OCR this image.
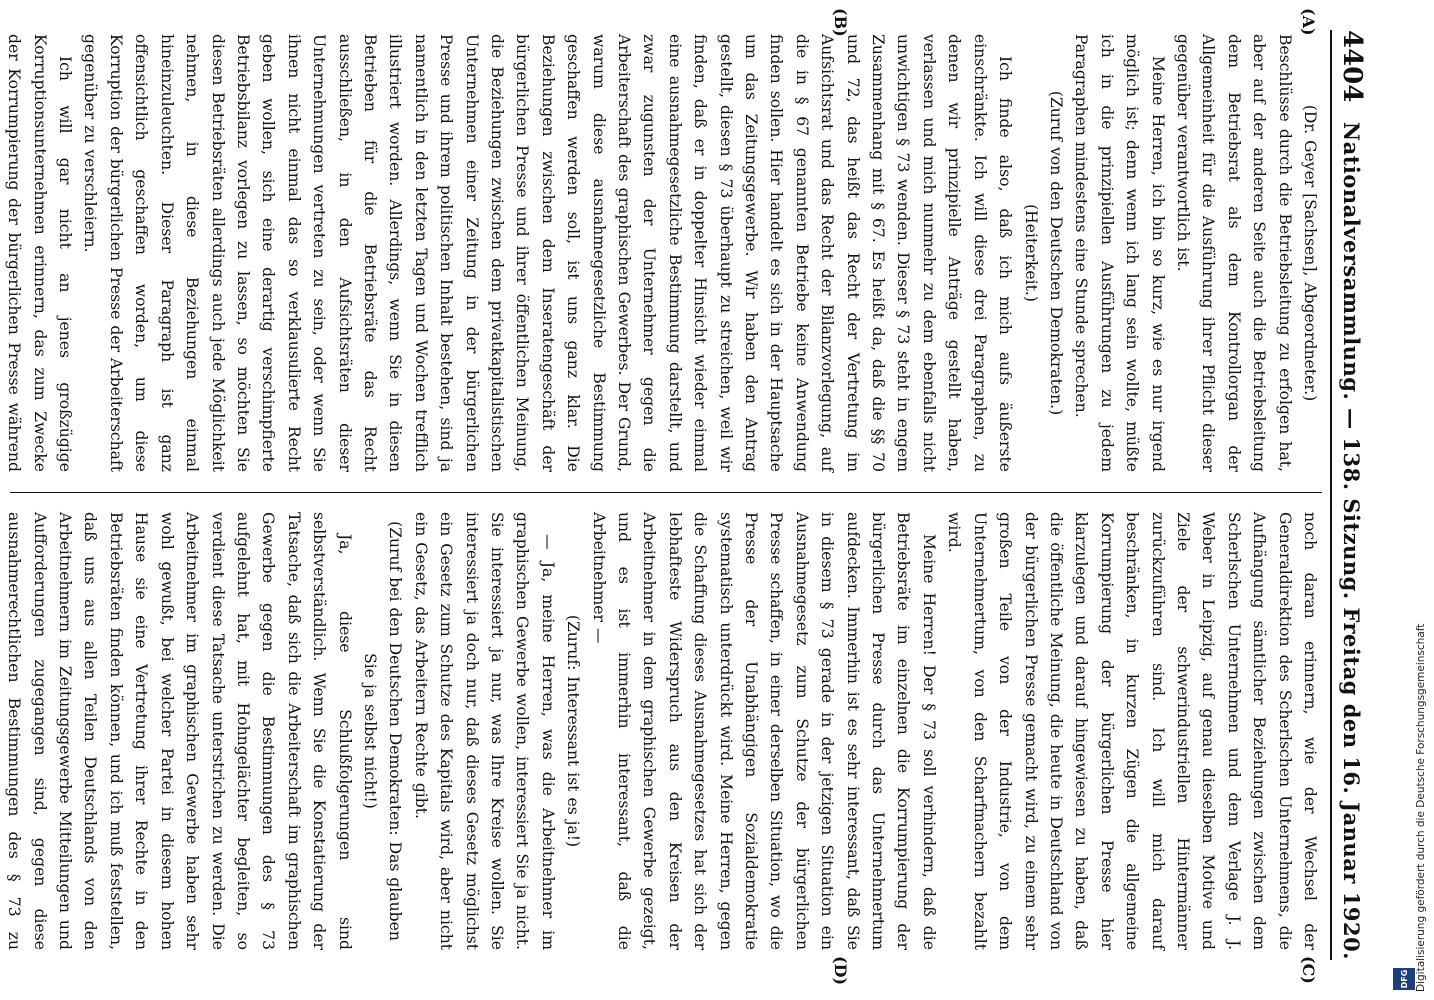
4404
Nationalversammlung. — 138. Sitzung. Freitag den 16. Januar 1920.
(A)
(B)
(C)
(D)

(Dr. Geyer [Sachsen], Abgeordneter.)

Beschlüsse durch die Betriebsleitung zu erfolgen hat, aber auf der anderen Seite auch die Betriebsleitung dem Betriebsrat als dem Kontrollorgan der Allgemeinheit für die Ausführung ihrer Pflicht dieser gegenüber verantwortlich ist.

Meine Herren, ich bin so kurz, wie es nur irgend möglich ist; denn wenn ich lang sein wollte, müßte ich in die prinzipiellen Ausführungen zu jedem Paragraphen mindestens eine Stunde sprechen.

(Zuruf von den Deutschen Demokraten.)

(Heiterkeit.)

Ich finde also, daß ich mich aufs äußerste einschränkte. Ich will diese drei Paragraphen, zu denen wir prinzipielle Anträge gestellt haben, verlassen und mich nunmehr zu dem ebenfalls nicht unwichtigen § 73 wenden. Dieser § 73 steht in engem Zusammenhang mit § 67. Es heißt da, daß die §§ 70 und 72, das heißt das Recht der Vertretung im Aufsichtsrat und das Recht der Bilanzvorlegung, auf die in § 67 genannten Betriebe keine Anwendung finden sollen. Hier handelt es sich in der Hauptsache um das Zeitungsgewerbe. Wir haben den Antrag gestellt, diesen § 73 überhaupt zu streichen, weil wir finden, daß er in doppelter Hinsicht wieder einmal eine ausnahmegesetzliche Bestimmung darstellt, und zwar zugunsten der Unternehmer gegen die Arbeiterschaft des graphischen Gewerbes. Der Grund, warum diese ausnahmegesetzliche Bestimmung geschaffen werden soll, ist uns ganz klar. Die Beziehungen zwischen dem Inseratengeschäft der bürgerlichen Presse und ihrer öffentlichen Meinung, die Beziehungen zwischen dem privatkapitalistischen Unternehmen einer Zeitung in der bürgerlichen Presse und ihrem politischen Inhalt bestehen, sind ja namentlich in den letzten Tagen und Wochen trefflich illustriert worden. Allerdings, wenn Sie in diesen Betrieben für die Betriebsräte das Recht ausschließen, in den Aufsichtsräten dieser Unternehmungen vertreten zu sein, oder wenn Sie ihnen nicht einmal das so verklausulierte Recht geben wollen, sich eine derartig verschimpfierte Betriebsbilanz vorlegen zu lassen, so möchten Sie diesen Betriebsräten allerdings auch jede Möglichkeit nehmen, in diese Beziehungen einmal hineinzuleuchten. Dieser Paragraph ist ganz offensichtlich geschaffen worden, um diese Korruption der bürgerlichen Presse der Arbeiterschaft gegenüber zu verschleiern.

Ich will gar nicht an jenes großzügige Korruptionsunternehmen erinnern, das zum Zwecke der Korrumpierung der bürgerlichen Presse während

noch daran erinnern, wie der Wechsel der Generaldirektion des Scherlschen Unternehmens, die Aufhängung sämtlicher Beziehungen zwischen dem Scherlschen Unternehmen und dem Verlage J. J. Weber in Leipzig, auf genau dieselben Motive und Ziele der schwerindustriellen Hintermänner zurückzuführen sind. Ich will mich darauf beschränken, in kurzen Zügen die allgemeine Korrumpierung der bürgerlichen Presse hier klarzulegen und darauf hingewiesen zu haben, daß die öffentliche Meinung, die heute in Deutschland von der bürgerlichen Presse gemacht wird, zu einem sehr großen Teile von der Industrie, von dem Unternehmertum, von den Scharfmachern bezahlt wird.

Meine Herren! Der § 73 soll verhindern, daß die Betriebsräte im einzelnen die Korrumpierung der bürgerlichen Presse durch das Unternehmertum aufdecken. Immerhin ist es sehr interessant, daß Sie in diesem § 73 gerade in der jetzigen Situation ein Ausnahmegesetz zum Schutze der bürgerlichen Presse schaffen, in einer derselben Situation, wo die Presse der Unabhängigen Sozialdemokratie systematisch unterdrückt wird. Meine Herren, gegen die Schaffung dieses Ausnahmegesetzes hat sich der lebhafteste Widerspruch aus den Kreisen der Arbeitnehmer in dem graphischen Gewerbe gezeigt, und es ist immerhin interessant, daß die Arbeitnehmer —

(Zuruf: Interessant ist es ja!)

— Ja, meine Herren, was die Arbeitnehmer im graphischen Gewerbe wollen, interessiert Sie ja nicht. Sie interessiert ja nur, was Ihre Kreise wollen. Sie interessiert ja doch nur, daß dieses Gesetz möglichst ein Gesetz zum Schutze des Kapitals wird, aber nicht ein Gesetz, das Arbeitern Rechte gibt.

(Zuruf bei den Deutschen Demokraten: Das glauben Sie ja selbst nicht!)

Ja, diese Schlußfolgerungen sind selbstverständlich. Wenn Sie die Konstatierung der Tatsache, daß sich die Arbeiterschaft im graphischen Gewerbe gegen die Bestimmungen des § 73 aufgelehnt hat, mit Hohngelächter begleiten, so verdient diese Tatsache unterstrichen zu werden. Die Arbeitnehmer im graphischen Gewerbe haben sehr wohl gewußt, bei welcher Partei in diesem hohen Hause sie eine Vertretung ihrer Rechte in den Betriebsräten finden können, und ich muß feststellen, daß uns aus allen Teilen Deutschlands von den Arbeitnehmern im Zeitungsgewerbe Mitteilungen und Aufforderungen zugegangen sind, gegen diese ausnahmerechtlichen Bestimmungen des § 73 zu	Digitalisierung gefördert durch die Deutsche Forschungsgemeinschaft
DFG
